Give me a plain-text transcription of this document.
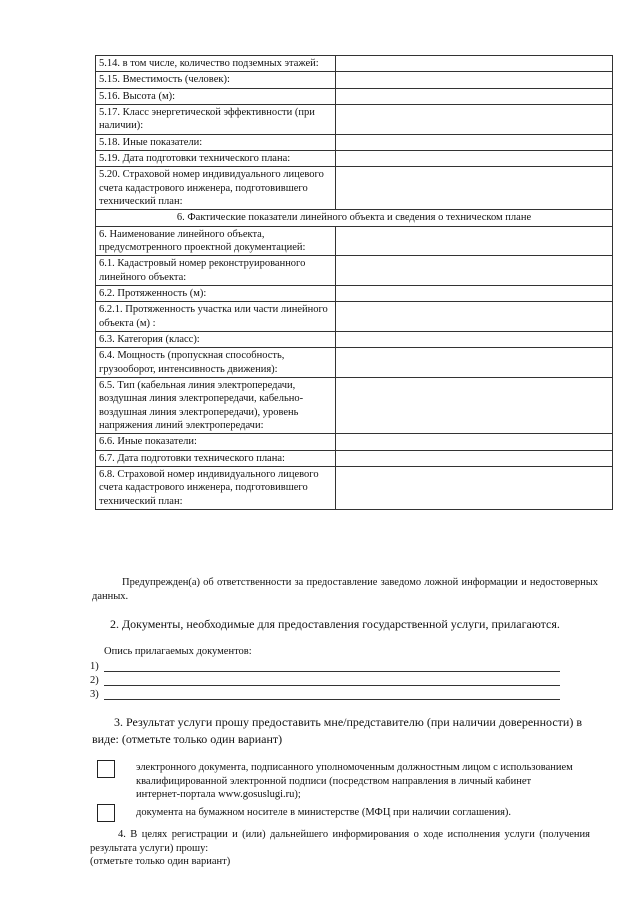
5.14. в том числе, количество подземных этажей:	
5.15. Вместимость (человек):	
5.16. Высота (м):	
5.17. Класс энергетической эффективности (при наличии):	
5.18. Иные показатели:	
5.19. Дата подготовки технического плана:	
5.20. Страховой номер индивидуального лицевого счета кадастрового инженера, подготовившего технический план:	
6. Фактические показатели линейного объекта и сведения о техническом плане	
6. Наименование линейного объекта, предусмотренного проектной документацией:	
6.1. Кадастровый номер реконструированного линейного объекта:	
6.2. Протяженность (м):	
6.2.1. Протяженность участка или части линейного объекта (м) :	
6.3. Категория (класс):	
6.4. Мощность (пропускная способность, грузооборот, интенсивность движения):	
6.5. Тип (кабельная линия электропередачи, воздушная линия электропередачи, кабельно-воздушная линия электропередачи), уровень напряжения линий электропередачи:	
6.6. Иные показатели:	
6.7. Дата подготовки технического плана:	
6.8. Страховой номер индивидуального лицевого счета кадастрового инженера, подготовившего технический план:	
Предупрежден(а) об ответственности за предоставление заведомо ложной информации и недостоверных данных.
2. Документы, необходимые для предоставления государственной услуги, прилагаются.
Опись прилагаемых документов:
1)
2)
3)
3. Результат услуги прошу предоставить мне/представителю (при наличии доверенности) в виде: (отметьте только один вариант)
электронного документа, подписанного уполномоченным должностным лицом с использованием квалифицированной электронной подписи (посредством направления в личный кабинет интернет-портала www.gosuslugi.ru);
документа на бумажном носителе в министерстве (МФЦ при наличии соглашения).
4. В целях регистрации и (или) дальнейшего информирования о ходе исполнения услуги (получения результата услуги) прошу:
(отметьте только один вариант)
